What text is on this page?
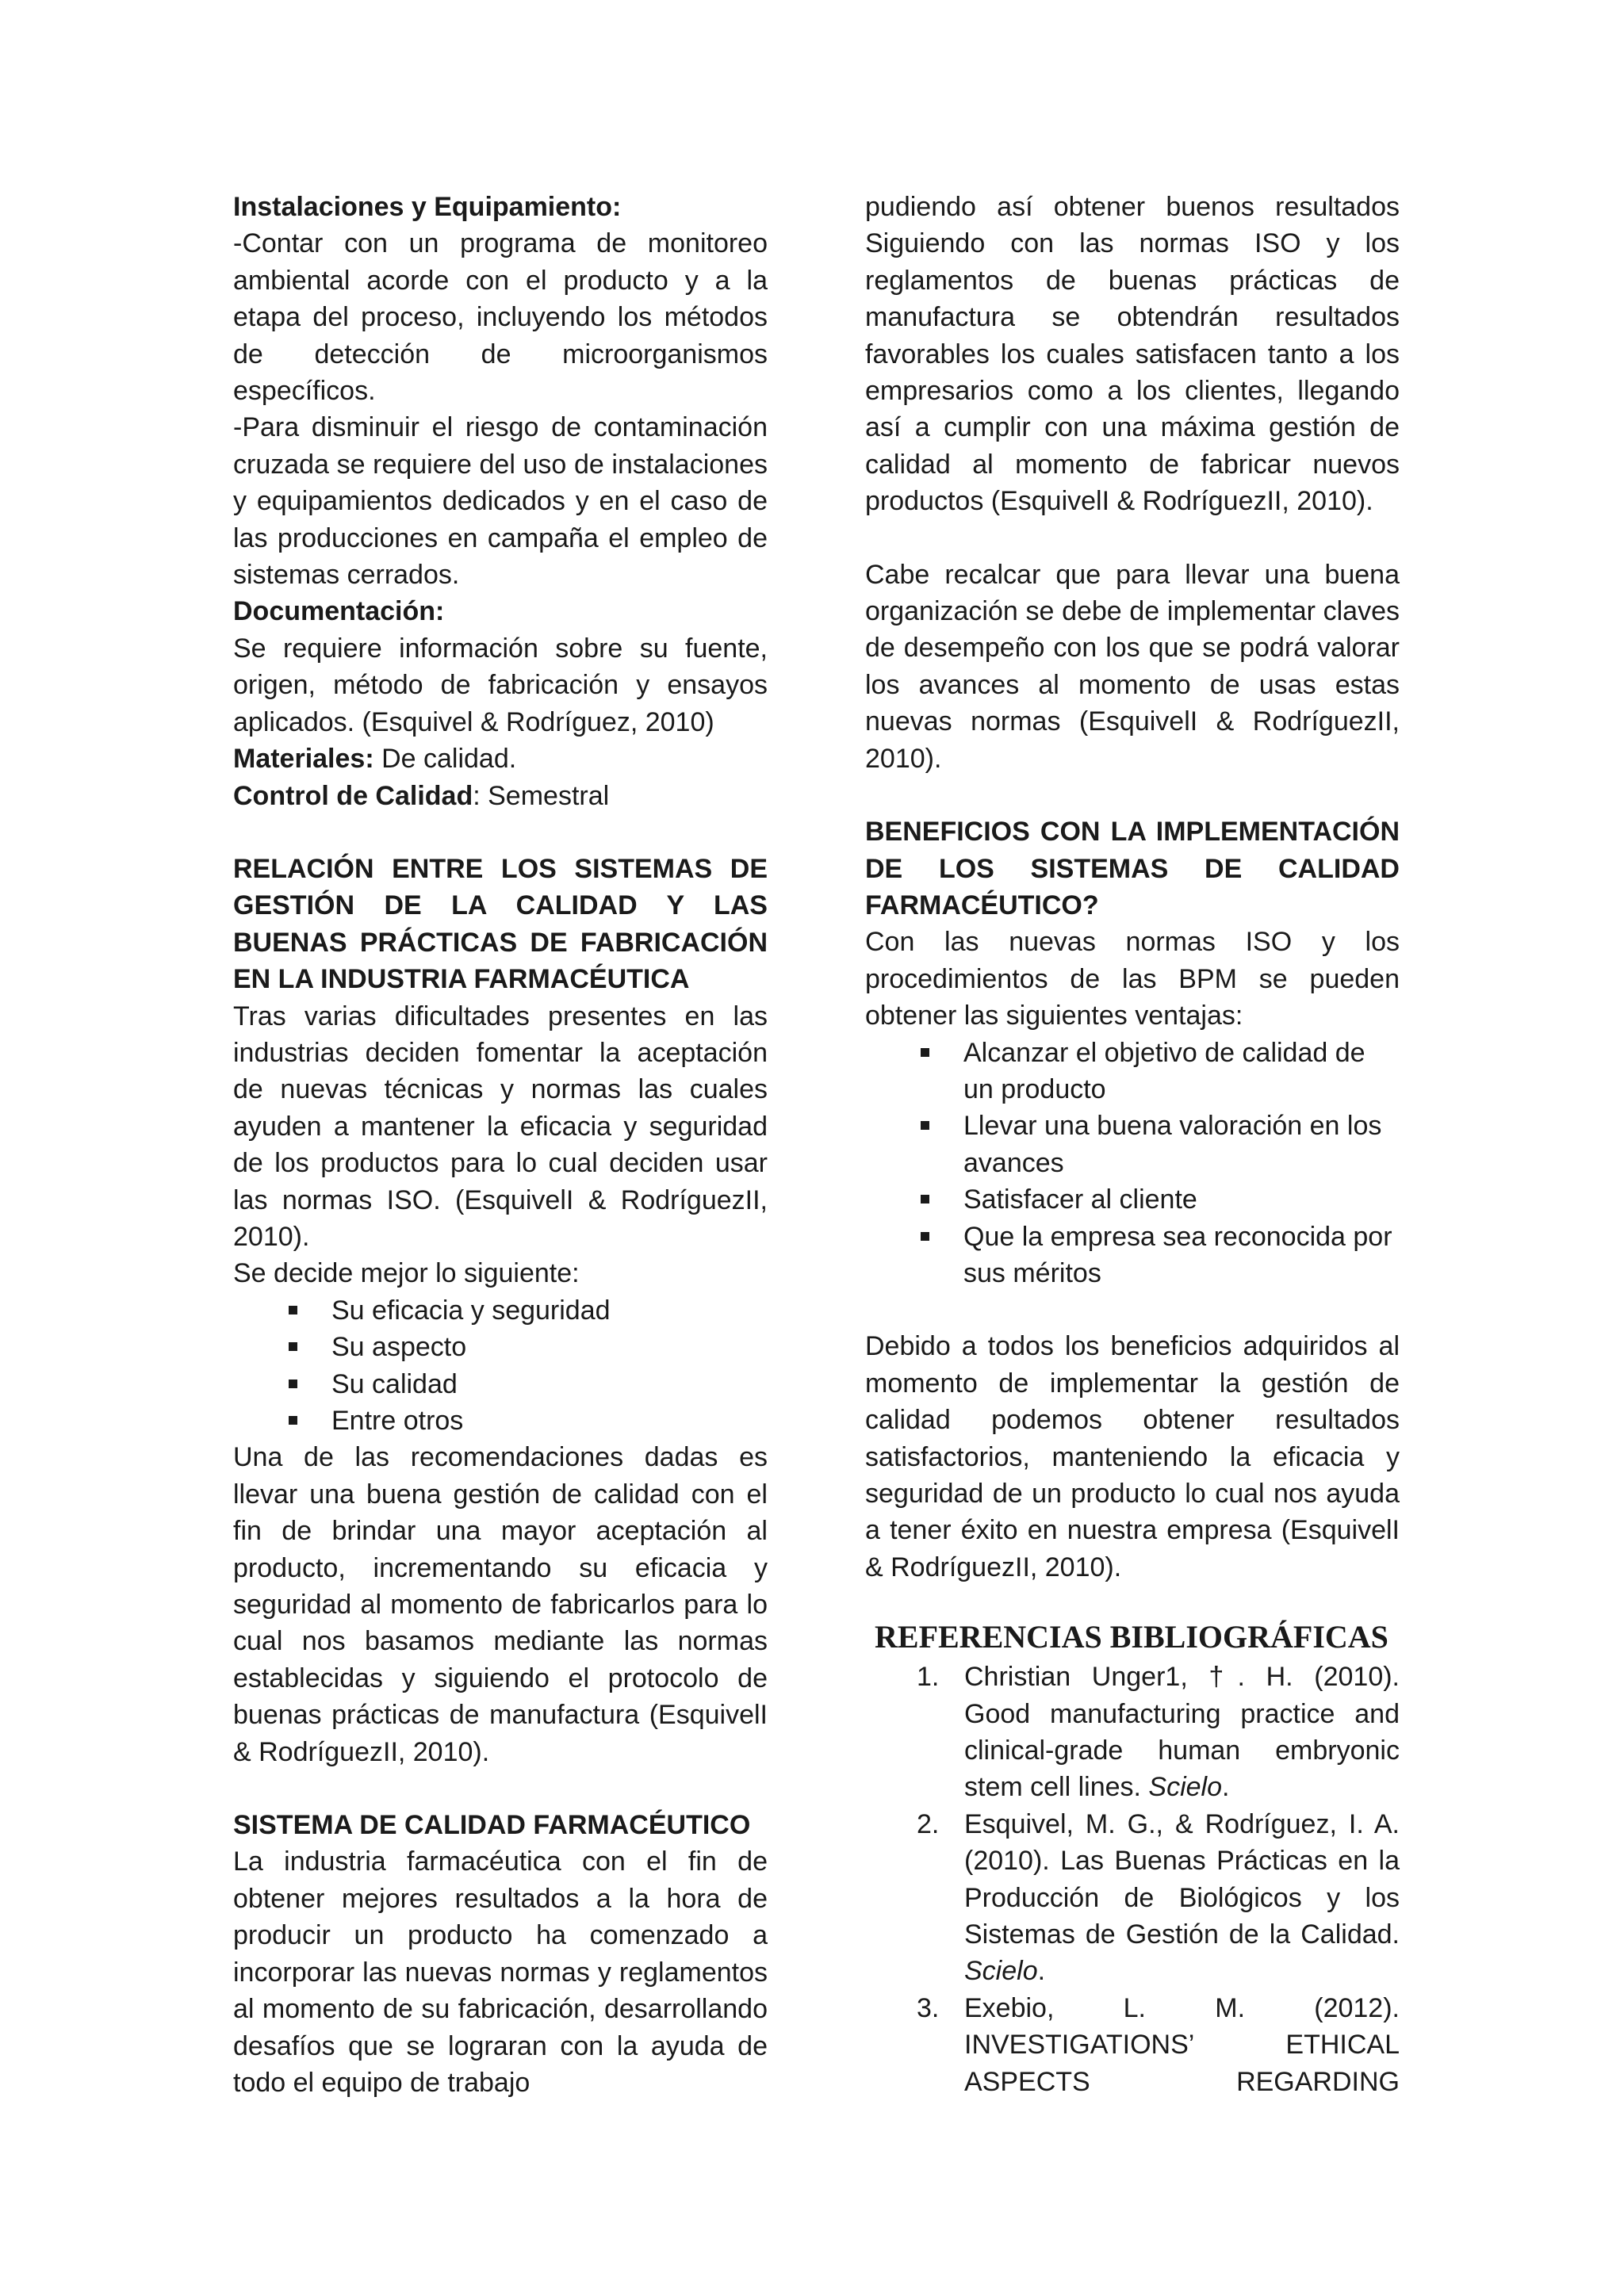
Instalaciones y Equipamiento:

-Contar con un programa de monitoreo ambiental acorde con el producto y a la etapa del proceso, incluyendo los métodos de detección de microorganismos específicos.

-Para disminuir el riesgo de contaminación cruzada se requiere del uso de instalaciones y equipamientos dedicados y en el caso de las producciones en campaña el empleo de sistemas cerrados.

Documentación:

Se requiere información sobre su fuente, origen, método de fabricación y ensayos aplicados. (Esquivel & Rodríguez, 2010)

Materiales: De calidad.

Control de Calidad: Semestral

RELACIÓN ENTRE LOS SISTEMAS DE GESTIÓN DE LA CALIDAD Y LAS BUENAS PRÁCTICAS DE FABRICACIÓN EN LA INDUSTRIA FARMACÉUTICA

Tras varias dificultades presentes en las industrias deciden fomentar la aceptación de nuevas técnicas y normas las cuales ayuden a mantener la eficacia y seguridad de los productos para lo cual deciden usar las normas ISO. (EsquivelI & RodríguezII, 2010).

Se decide mejor lo siguiente:

Su eficacia y seguridad
Su aspecto
Su calidad
Entre otros

Una de las recomendaciones dadas es llevar una buena gestión de calidad con el fin de brindar una mayor aceptación al producto, incrementando su eficacia y seguridad al momento de fabricarlos para lo cual nos basamos mediante las normas establecidas y siguiendo el protocolo de buenas prácticas de manufactura (EsquivelI & RodríguezII, 2010).

SISTEMA DE CALIDAD FARMACÉUTICO

La industria farmacéutica con el fin de obtener mejores resultados a la hora de producir un producto ha comenzado a incorporar las nuevas normas y reglamentos al momento de su fabricación, desarrollando desafíos que se lograran con la ayuda de todo el equipo de trabajo

pudiendo así obtener buenos resultados Siguiendo con las normas ISO y los reglamentos de buenas prácticas de manufactura se obtendrán resultados favorables los cuales satisfacen tanto a los empresarios como a los clientes, llegando así a cumplir con una máxima gestión de calidad al momento de fabricar nuevos productos (EsquivelI & RodríguezII, 2010).

Cabe recalcar que para llevar una buena organización se debe de implementar claves de desempeño con los que se podrá valorar los avances al momento de usas estas nuevas normas (EsquivelI & RodríguezII, 2010).

BENEFICIOS CON LA IMPLEMENTACIÓN DE LOS SISTEMAS DE CALIDAD FARMACÉUTICO?

Con las nuevas normas ISO y los procedimientos de las BPM se pueden obtener las siguientes ventajas:

Alcanzar el objetivo de calidad de un producto
Llevar una buena valoración en los avances
Satisfacer al cliente
Que la empresa sea reconocida por sus méritos

Debido a todos los beneficios adquiridos al momento de implementar la gestión de calidad podemos obtener resultados satisfactorios, manteniendo la eficacia y seguridad de un producto lo cual nos ayuda a tener éxito en nuestra empresa (EsquivelI & RodríguezII, 2010).

REFERENCIAS BIBLIOGRÁFICAS

1. Christian Unger1, †. H. (2010). Good manufacturing practice and clinical-grade human embryonic stem cell lines. Scielo.
2. Esquivel, M. G., & Rodríguez, I. A. (2010). Las Buenas Prácticas en la Producción de Biológicos y los Sistemas de Gestión de la Calidad. Scielo.
3. Exebio, L. M. (2012). INVESTIGATIONS’ ETHICAL ASPECTS REGARDING
